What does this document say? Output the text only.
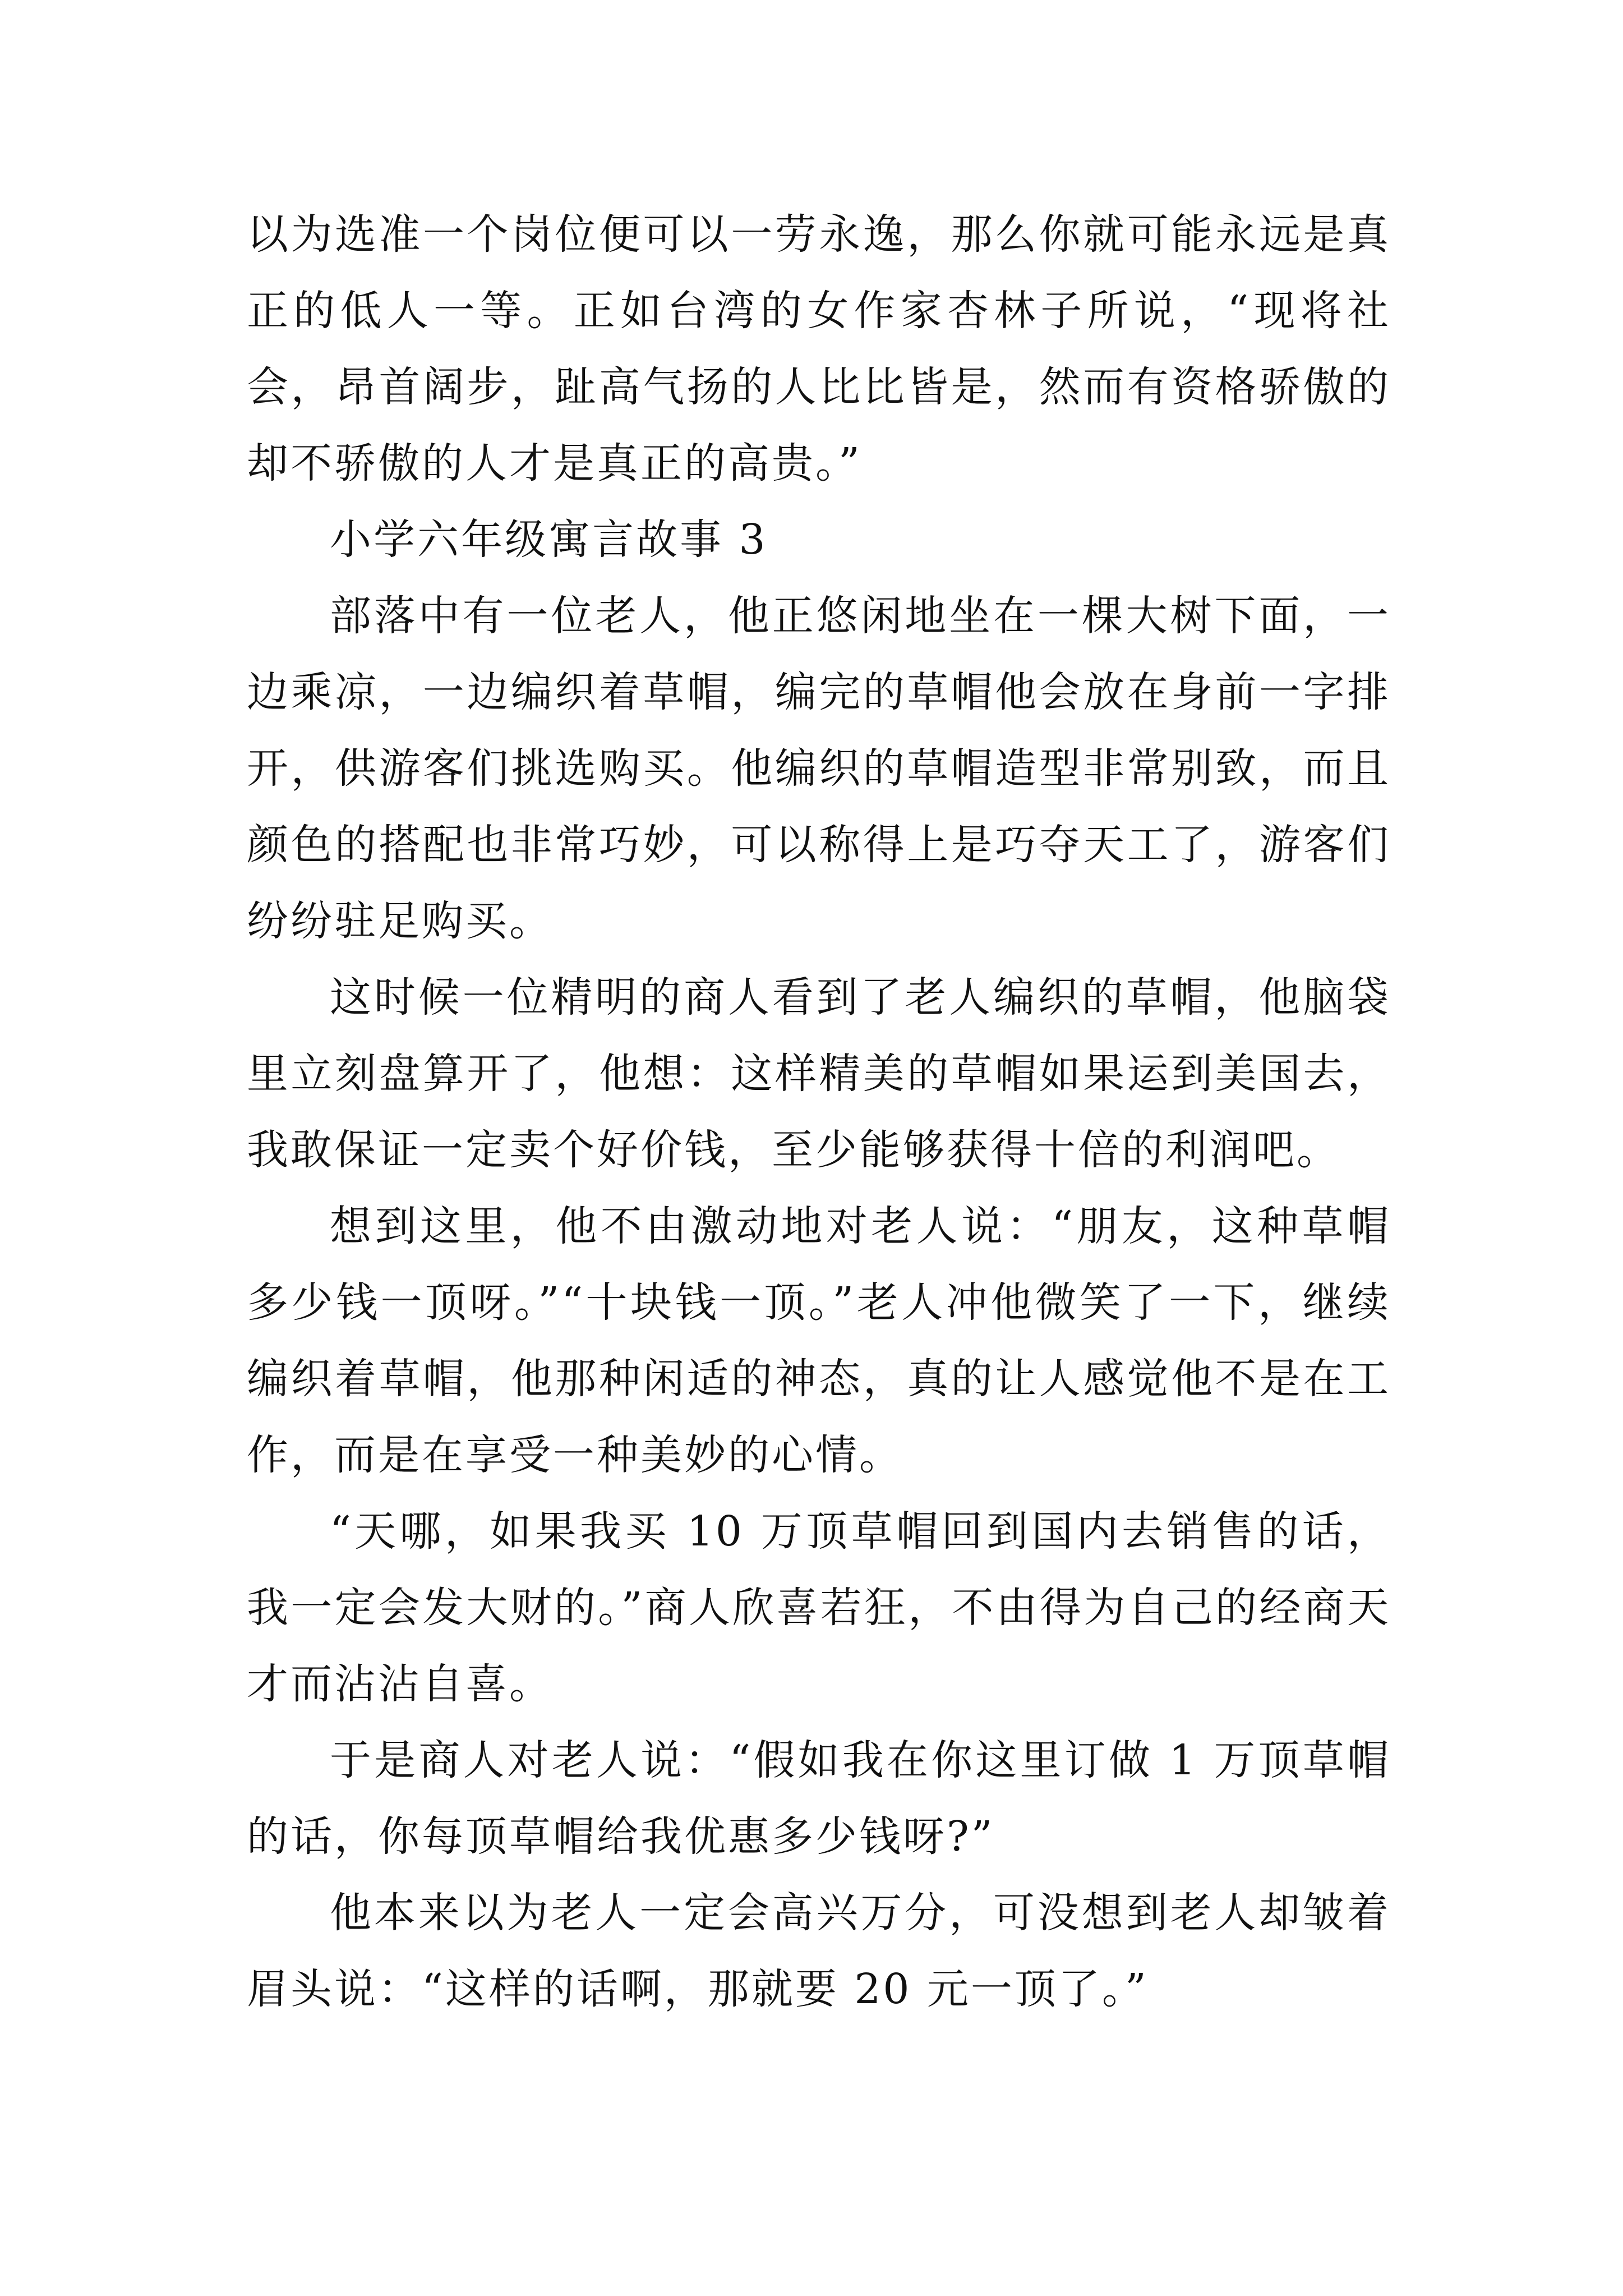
以为选准一个岗位便可以一劳永逸，那么你就可能永远是真正的低人一等。正如台湾的女作家杏林子所说，“现将社会，昂首阔步，趾高气扬的人比比皆是，然而有资格骄傲的却不骄傲的人才是真正的高贵。”

小学六年级寓言故事 3

部落中有一位老人，他正悠闲地坐在一棵大树下面，一边乘凉，一边编织着草帽，编完的草帽他会放在身前一字排开，供游客们挑选购买。他编织的草帽造型非常别致，而且颜色的搭配也非常巧妙，可以称得上是巧夺天工了，游客们纷纷驻足购买。

这时候一位精明的商人看到了老人编织的草帽，他脑袋里立刻盘算开了，他想：这样精美的草帽如果运到美国去，我敢保证一定卖个好价钱，至少能够获得十倍的利润吧。

想到这里，他不由激动地对老人说：“朋友，这种草帽多少钱一顶呀。”“十块钱一顶。”老人冲他微笑了一下，继续编织着草帽，他那种闲适的神态，真的让人感觉他不是在工作，而是在享受一种美妙的心情。

“天哪，如果我买 10 万顶草帽回到国内去销售的话，我一定会发大财的。”商人欣喜若狂，不由得为自己的经商天才而沾沾自喜。

于是商人对老人说：“假如我在你这里订做 1 万顶草帽的话，你每顶草帽给我优惠多少钱呀?”

他本来以为老人一定会高兴万分，可没想到老人却皱着眉头说：“这样的话啊，那就要 20 元一顶了。”
